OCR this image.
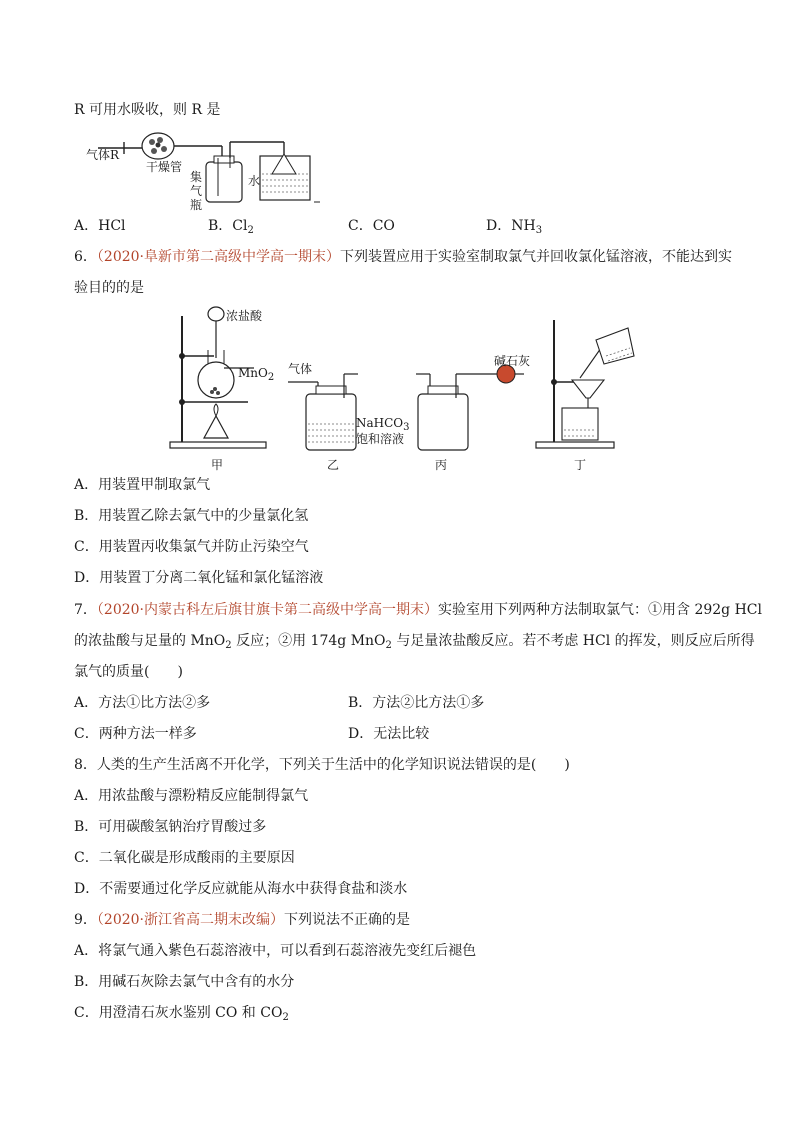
R 可用水吸收，则 R 是
气体R
干燥管
集
气
瓶
水
A．HCl	B．$Cl_2$	C．CO	D．$NH_3$
6．（2020·阜新市第二高级中学高一期末）下列装置应用于实验室制取氯气并回收氯化锰溶液，不能达到实
验目的的是
浓盐酸
MnO$_2$
气体
NaHCO$_3$
饱和溶液
碱石灰
甲	乙	丙	丁
A．用装置甲制取氯气
B．用装置乙除去氯气中的少量氯化氢
C．用装置丙收集氯气并防止污染空气
D．用装置丁分离二氧化锰和氯化锰溶液
7．（2020·内蒙古科左后旗甘旗卡第二高级中学高一期末）实验室用下列两种方法制取氯气：①用含 292g HCl
的浓盐酸与足量的 MnO$_2$ 反应；②用 174g MnO$_2$ 与足量浓盐酸反应。若不考虑 HCl 的挥发，则反应后所得
氯气的质量(　　)
A．方法①比方法②多	B．方法②比方法①多
C．两种方法一样多	D．无法比较
8．人类的生产生活离不开化学，下列关于生活中的化学知识说法错误的是(　　)
A．用浓盐酸与漂粉精反应能制得氯气
B．可用碳酸氢钠治疗胃酸过多
C．二氧化碳是形成酸雨的主要原因
D．不需要通过化学反应就能从海水中获得食盐和淡水
9．（2020·浙江省高二期末改编）下列说法不正确的是
A．将氯气通入紫色石蕊溶液中，可以看到石蕊溶液先变红后褪色
B．用碱石灰除去氯气中含有的水分
C．用澄清石灰水鉴别 CO 和 $CO_2$
